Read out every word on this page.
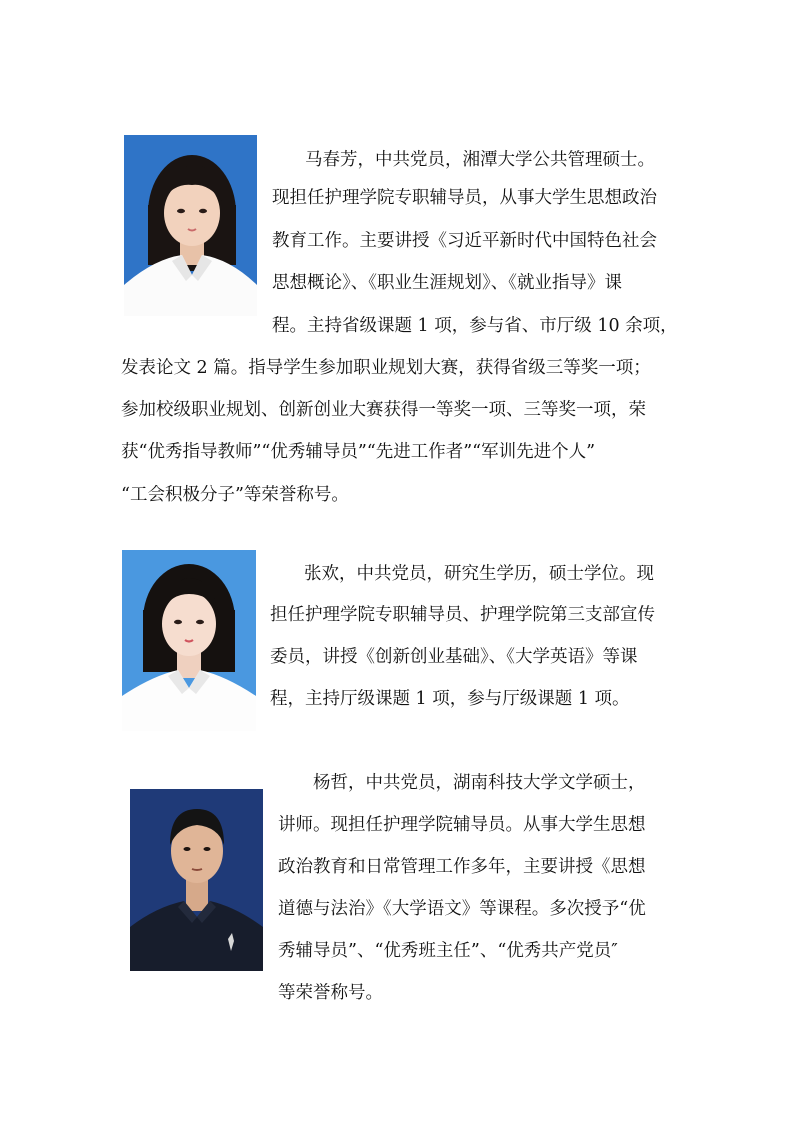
马春芳，中共党员，湘潭大学公共管理硕士。
现担任护理学院专职辅导员，从事大学生思想政治
教育工作。主要讲授《习近平新时代中国特色社会
思想概论》、《职业生涯规划》、《就业指导》课
程。主持省级课题 1 项，参与省、市厅级 10 余项，
发表论文 2 篇。指导学生参加职业规划大赛，获得省级三等奖一项；
参加校级职业规划、创新创业大赛获得一等奖一项、三等奖一项，荣
获“优秀指导教师”“优秀辅导员”“先进工作者”“军训先进个人”
“工会积极分子”等荣誉称号。
张欢，中共党员，研究生学历，硕士学位。现
担任护理学院专职辅导员、护理学院第三支部宣传
委员，讲授《创新创业基础》、《大学英语》等课
程，主持厅级课题 1 项，参与厅级课题 1 项。
杨哲，中共党员，湖南科技大学文学硕士，
讲师。现担任护理学院辅导员。从事大学生思想
政治教育和日常管理工作多年，主要讲授《思想
道德与法治》《大学语文》等课程。多次授予“优
秀辅导员”、“优秀班主任”、“优秀共产党员″
等荣誉称号。
